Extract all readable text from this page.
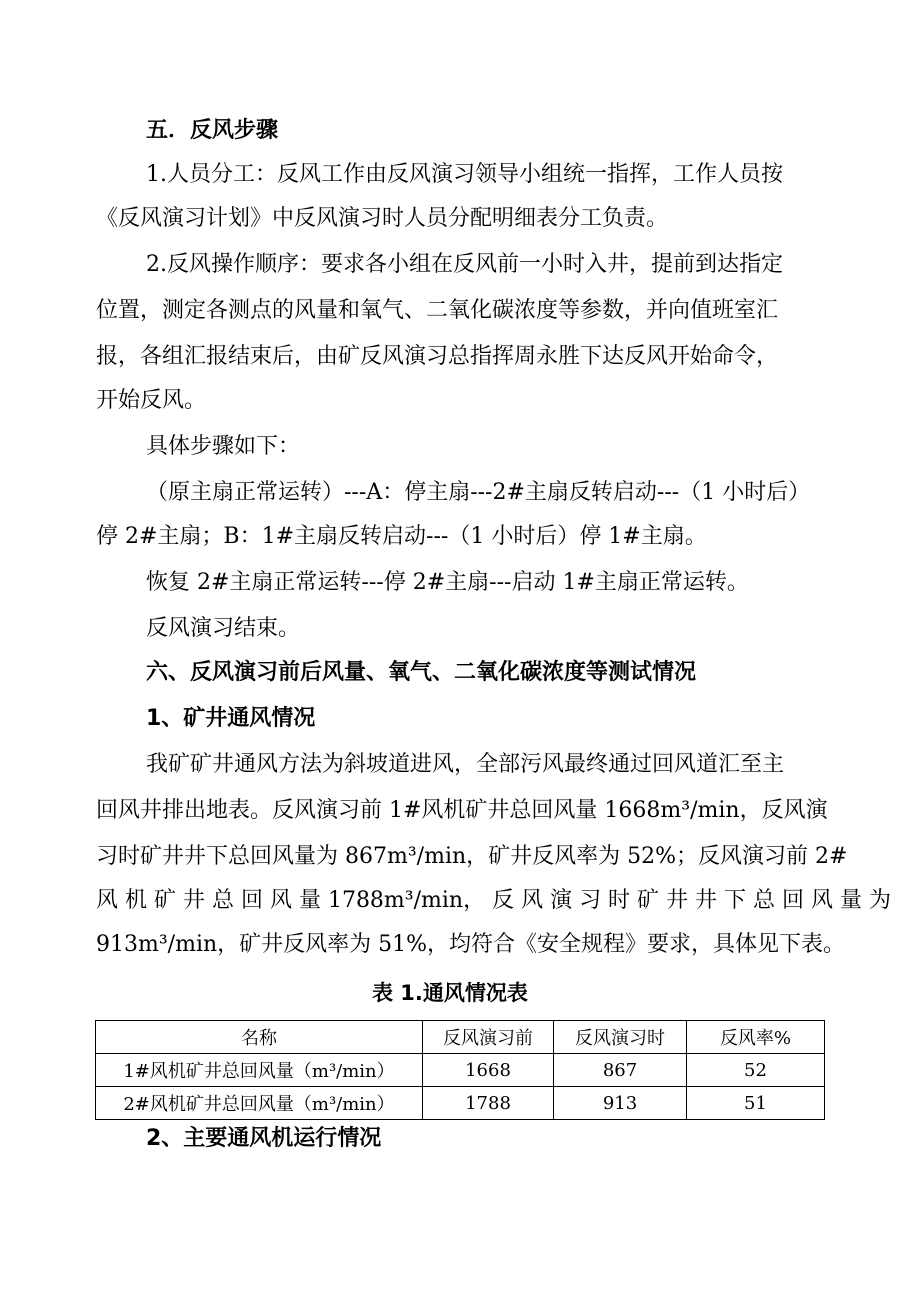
五．反风步骤
1.人员分工：反风工作由反风演习领导小组统一指挥，工作人员按
《反风演习计划》中反风演习时人员分配明细表分工负责。
2.反风操作顺序：要求各小组在反风前一小时入井，提前到达指定
位置，测定各测点的风量和氧气、二氧化碳浓度等参数，并向值班室汇
报，各组汇报结束后，由矿反风演习总指挥周永胜下达反风开始命令，
开始反风。
具体步骤如下：
（原主扇正常运转）---A：停主扇---2#主扇反转启动---（1 小时后）
停 2#主扇；B：1#主扇反转启动---（1 小时后）停 1#主扇。
恢复 2#主扇正常运转---停 2#主扇---启动 1#主扇正常运转。
反风演习结束。
六、反风演习前后风量、氧气、二氧化碳浓度等测试情况
1、矿井通风情况
我矿矿井通风方法为斜坡道进风，全部污风最终通过回风道汇至主
回风井排出地表。反风演习前 1#风机矿井总回风量 1668m³/min，反风演
习时矿井井下总回风量为 867m³/min，矿井反风率为 52%；反风演习前 2#
风 机 矿 井 总 回 风 量 1788m³/min， 反 风 演 习 时 矿 井 井 下 总 回 风 量 为
913m³/min，矿井反风率为 51%，均符合《安全规程》要求，具体见下表。
表 1.通风情况表
名称	反风演习前	反风演习时	反风率%
1#风机矿井总回风量（m³/min）	1668	867	52
2#风机矿井总回风量（m³/min）	1788	913	51
2、主要通风机运行情况
